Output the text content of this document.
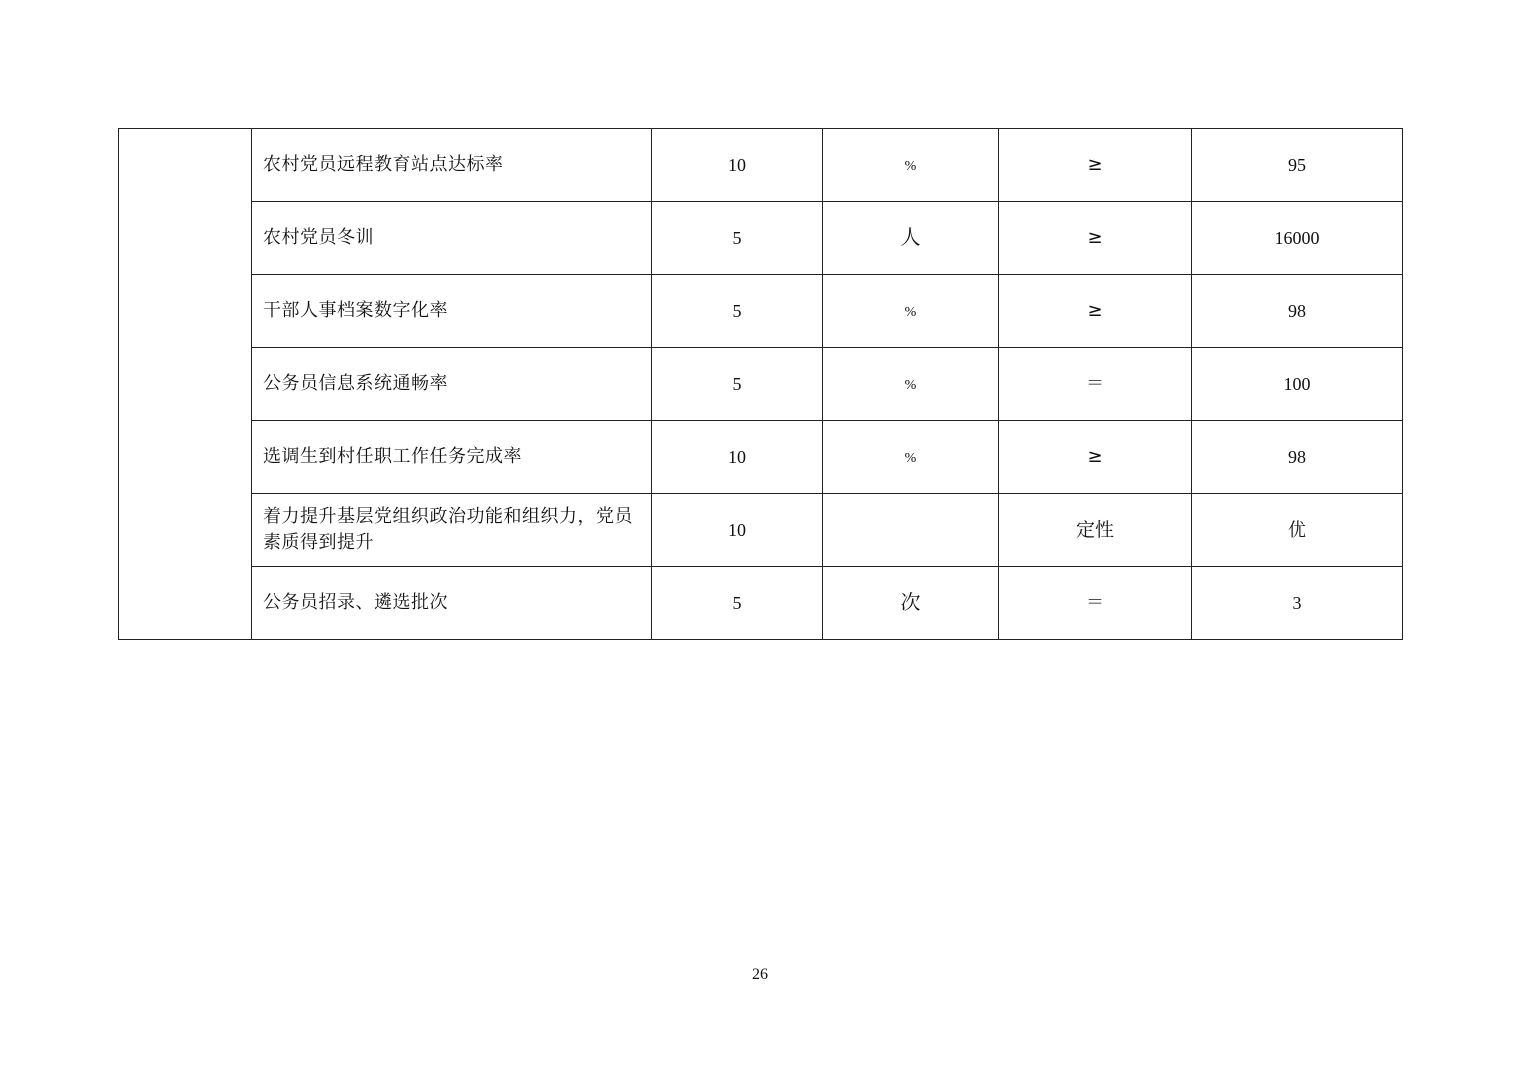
	农村党员远程教育站点达标率	10	%	≥	95
	农村党员冬训	5	人	≥	16000
	干部人事档案数字化率	5	%	≥	98
	公务员信息系统通畅率	5	%	＝	100
	选调生到村任职工作任务完成率	10	%	≥	98
	着力提升基层党组织政治功能和组织力，党员素质得到提升	10		定性	优
	公务员招录、遴选批次	5	次	＝	3
26
